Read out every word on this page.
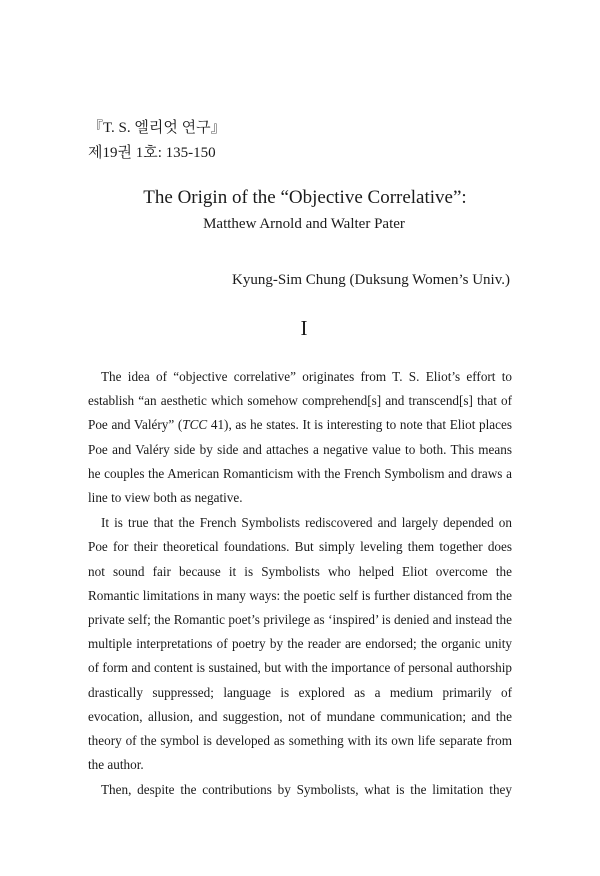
『T. S. 엘리엇 연구』
제19권 1호: 135-150
The Origin of the “Objective Correlative”:
Matthew Arnold and Walter Pater
Kyung-Sim Chung (Duksung Women’s Univ.)
I

The idea of “objective correlative” originates from T. S. Eliot’s effort to establish “an aesthetic which somehow comprehend[s] and transcend[s] that of Poe and Valéry” (TCC 41), as he states. It is interesting to note that Eliot places Poe and Valéry side by side and attaches a negative value to both. This means he couples the American Romanticism with the French Symbolism and draws a line to view both as negative.

It is true that the French Symbolists rediscovered and largely depended on Poe for their theoretical foundations. But simply leveling them together does not sound fair because it is Symbolists who helped Eliot overcome the Romantic limitations in many ways: the poetic self is further distanced from the private self; the Romantic poet’s privilege as ‘inspired’ is denied and instead the multiple interpretations of poetry by the reader are endorsed; the organic unity of form and content is sustained, but with the importance of personal authorship drastically suppressed; language is explored as a medium primarily of evocation, allusion, and suggestion, not of mundane communication; and the theory of the symbol is developed as something with its own life separate from the author.

Then, despite the contributions by Symbolists, what is the limitation they
